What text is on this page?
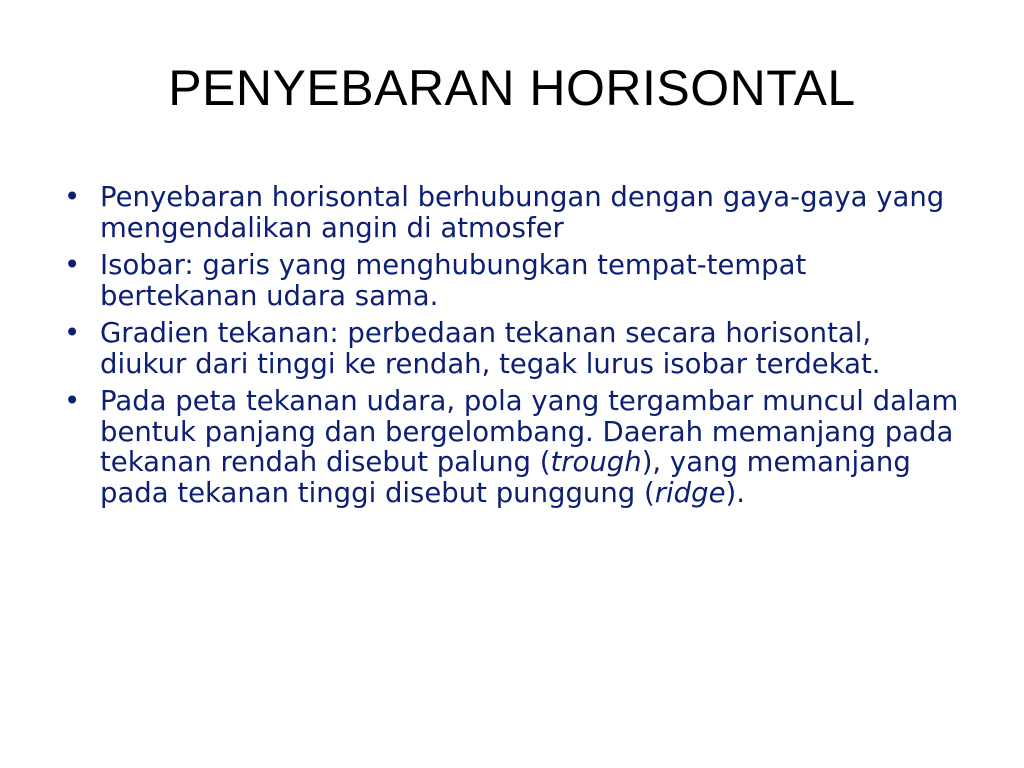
PENYEBARAN HORISONTAL
• Penyebaran horisontal berhubungan dengan gaya-gaya yang mengendalikan angin di atmosfer
• Isobar: garis yang menghubungkan tempat-tempat bertekanan udara sama.
• Gradien tekanan: perbedaan tekanan secara horisontal, diukur dari tinggi ke rendah, tegak lurus isobar terdekat.
• Pada peta tekanan udara, pola yang tergambar muncul dalam bentuk panjang dan bergelombang. Daerah memanjang pada tekanan rendah disebut palung (trough), yang memanjang pada tekanan tinggi disebut punggung (ridge).
